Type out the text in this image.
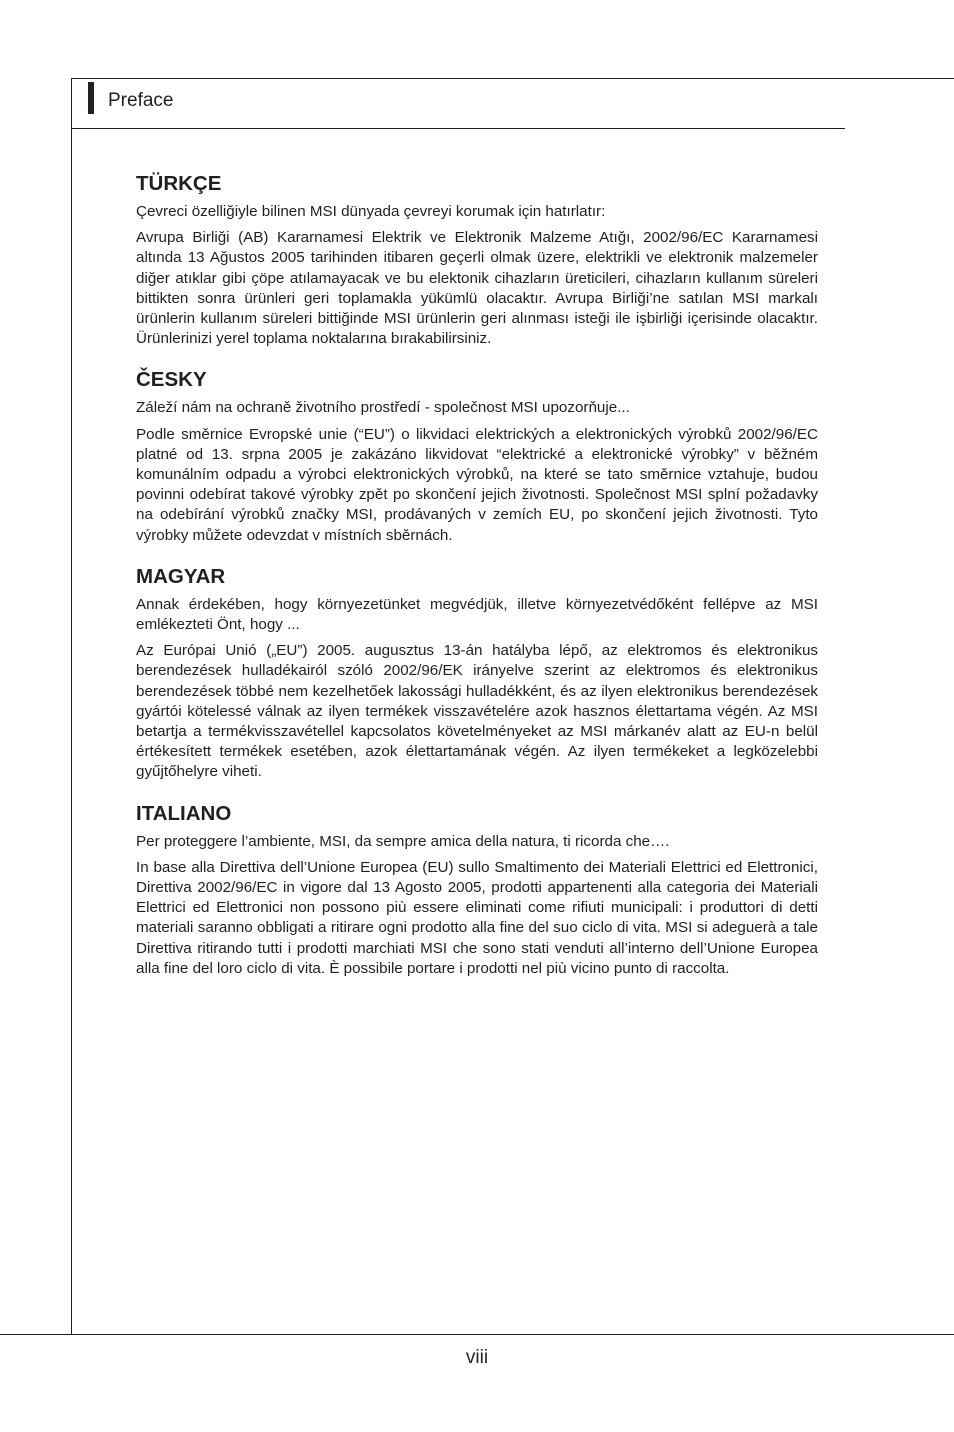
Preface
TÜRKÇE

Çevreci özelliğiyle bilinen MSI dünyada çevreyi korumak için hatırlatır:

Avrupa Birliği (AB) Kararnamesi Elektrik ve Elektronik Malzeme Atığı, 2002/96/EC Kararnamesi altında 13 Ağustos 2005 tarihinden itibaren geçerli olmak üzere, elektrikli ve elektronik malzemeler diğer atıklar gibi çöpe atılamayacak ve bu elektonik cihazların üreticileri, cihazların kullanım süreleri bittikten sonra ürünleri geri toplamakla yükümlü olacaktır. Avrupa Birliği’ne satılan MSI markalı ürünlerin kullanım süreleri bittiğinde MSI ürünlerin geri alınması isteği ile işbirliği içerisinde olacaktır. Ürünlerinizi yerel toplama noktalarına bırakabilirsiniz.

ČESKY

Záleží nám na ochraně životního prostředí - společnost MSI upozorňuje...

Podle směrnice Evropské unie (“EU”) o likvidaci elektrických a elektronických výrobků 2002/96/EC platné od 13. srpna 2005 je zakázáno likvidovat “elektrické a elektronické výrobky” v běžném komunálním odpadu a výrobci elektronických výrobků, na které se tato směrnice vztahuje, budou povinni odebírat takové výrobky zpět po skončení jejich životnosti. Společnost MSI splní požadavky na odebírání výrobků značky MSI, prodávaných v zemích EU, po skončení jejich životnosti. Tyto výrobky můžete odevzdat v místních sběrnách.

MAGYAR

Annak érdekében, hogy környezetünket megvédjük, illetve környezetvédőként fellépve az MSI emlékezteti Önt, hogy ...

Az Európai Unió („EU”) 2005. augusztus 13-án hatályba lépő, az elektromos és elektronikus berendezések hulladékairól szóló 2002/96/EK irányelve szerint az elektromos és elektronikus berendezések többé nem kezelhetőek lakossági hulladékként, és az ilyen elektronikus berendezések gyártói kötelessé válnak az ilyen termékek visszavételére azok hasznos élettartama végén. Az MSI betartja a termékvisszavétellel kapcsolatos követelményeket az MSI márkanév alatt az EU-n belül értékesített termékek esetében, azok élettartamának végén. Az ilyen termékeket a legközelebbi gyűjtőhelyre viheti.

ITALIANO

Per proteggere l’ambiente, MSI, da sempre amica della natura, ti ricorda che….

In base alla Direttiva dell’Unione Europea (EU) sullo Smaltimento dei Materiali Elettrici ed Elettronici, Direttiva 2002/96/EC in vigore dal 13 Agosto 2005, prodotti appartenenti alla categoria dei Materiali Elettrici ed Elettronici non possono più essere eliminati come rifiuti municipali: i produttori di detti materiali saranno obbligati a ritirare ogni prodotto alla fine del suo ciclo di vita. MSI si adeguerà a tale Direttiva ritirando tutti i prodotti marchiati MSI che sono stati venduti all’interno dell’Unione Europea alla fine del loro ciclo di vita. È possibile portare i prodotti nel più vicino punto di raccolta.

viii
